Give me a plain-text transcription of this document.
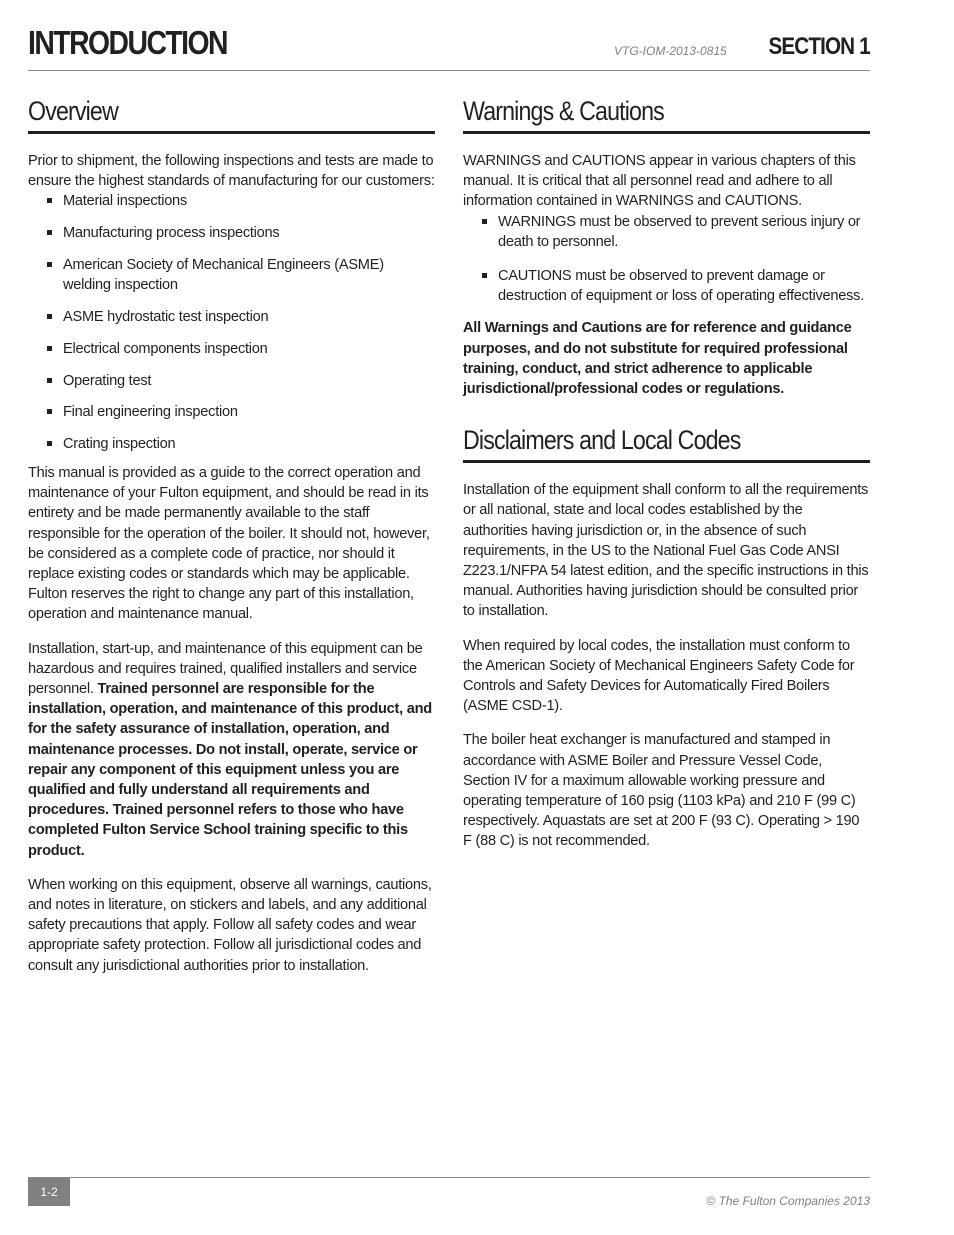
INTRODUCTION	VTG-IOM-2013-0815 SECTION 1
Overview

Prior to shipment, the following inspections and tests are made to ensure the highest standards of manufacturing for our customers:

Material inspections
Manufacturing process inspections
American Society of Mechanical Engineers (ASME) welding inspection
ASME hydrostatic test inspection
Electrical components inspection
Operating test
Final engineering inspection
Crating inspection

This manual is provided as a guide to the correct operation and maintenance of your Fulton equipment, and should be read in its entirety and be made permanently available to the staff responsible for the operation of the boiler. It should not, however, be considered as a complete code of practice, nor should it replace existing codes or standards which may be applicable. Fulton reserves the right to change any part of this installation, operation and maintenance manual.

Installation, start-up, and maintenance of this equipment can be hazardous and requires trained, qualified installers and service personnel. Trained personnel are responsible for the installation, operation, and maintenance of this product, and for the safety assurance of installation, operation, and maintenance processes. Do not install, operate, service or repair any component of this equipment unless you are qualified and fully understand all requirements and procedures. Trained personnel refers to those who have completed Fulton Service School training specific to this product.

When working on this equipment, observe all warnings, cautions, and notes in literature, on stickers and labels, and any additional safety precautions that apply. Follow all safety codes and wear appropriate safety protection. Follow all jurisdictional codes and consult any jurisdictional authorities prior to installation.

Warnings & Cautions

WARNINGS and CAUTIONS appear in various chapters of this manual. It is critical that all personnel read and adhere to all information contained in WARNINGS and CAUTIONS.

WARNINGS must be observed to prevent serious injury or death to personnel.
CAUTIONS must be observed to prevent damage or destruction of equipment or loss of operating effectiveness.

All Warnings and Cautions are for reference and guidance purposes, and do not substitute for required professional training, conduct, and strict adherence to applicable jurisdictional/professional codes or regulations.

Disclaimers and Local Codes

Installation of the equipment shall conform to all the requirements or all national, state and local codes established by the authorities having jurisdiction or, in the absence of such requirements, in the US to the National Fuel Gas Code ANSI Z223.1/NFPA 54 latest edition, and the specific instructions in this manual. Authorities having jurisdiction should be consulted prior to installation.

When required by local codes, the installation must conform to the American Society of Mechanical Engineers Safety Code for Controls and Safety Devices for Automatically Fired Boilers (ASME CSD-1).

The boiler heat exchanger is manufactured and stamped in accordance with ASME Boiler and Pressure Vessel Code, Section IV for a maximum allowable working pressure and operating temperature of 160 psig (1103 kPa) and 210 F (99 C) respectively. Aquastats are set at 200 F (93 C). Operating > 190 F (88 C) is not recommended.

1-2
© The Fulton Companies 2013
